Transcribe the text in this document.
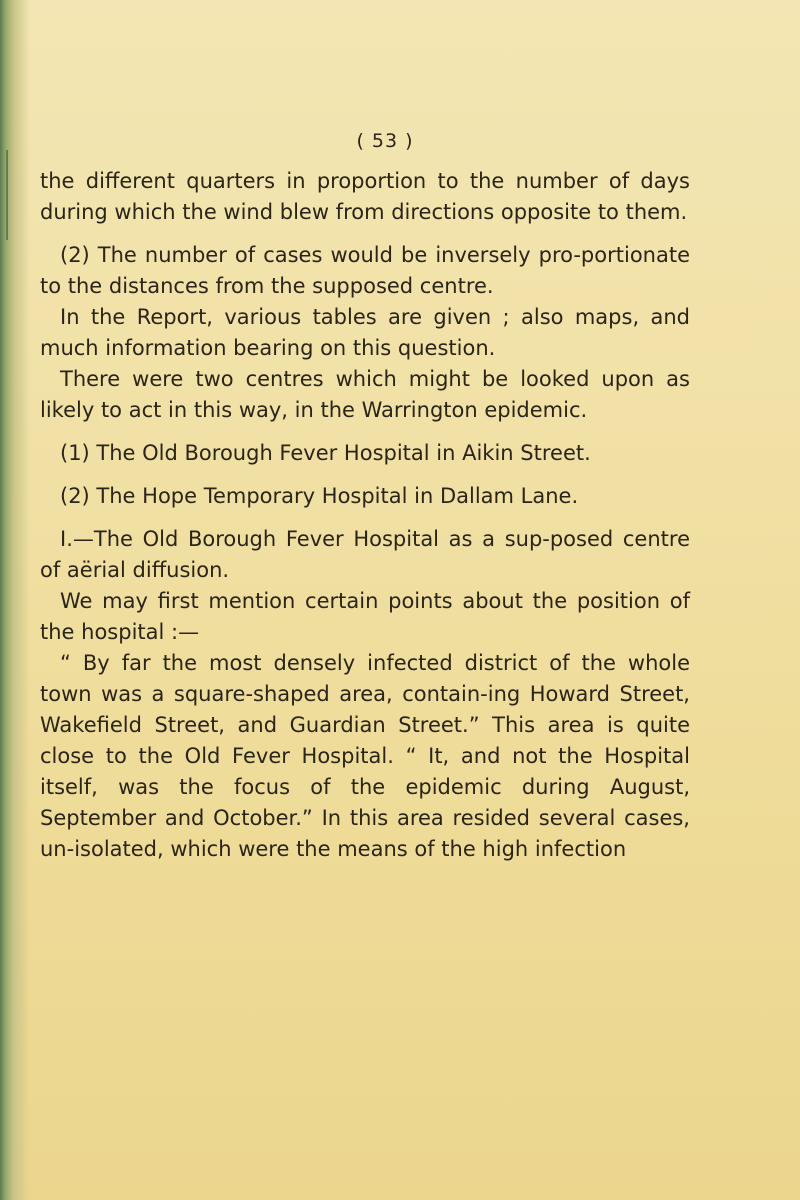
( 53 )

the different quarters in proportion to the number of days during which the wind blew from directions opposite to them.

(2) The number of cases would be inversely pro-portionate to the distances from the supposed centre.

In the Report, various tables are given ; also maps, and much information bearing on this question.

There were two centres which might be looked upon as likely to act in this way, in the Warrington epidemic.

(1) The Old Borough Fever Hospital in Aikin Street.

(2) The Hope Temporary Hospital in Dallam Lane.

I.—The Old Borough Fever Hospital as a sup-posed centre of aërial diffusion.

We may first mention certain points about the position of the hospital :—

“ By far the most densely infected district of the whole town was a square-shaped area, contain-ing Howard Street, Wakefield Street, and Guardian Street.” This area is quite close to the Old Fever Hospital. “ It, and not the Hospital itself, was the focus of the epidemic during August, September and October.” In this area resided several cases, un-isolated, which were the means of the high infection
